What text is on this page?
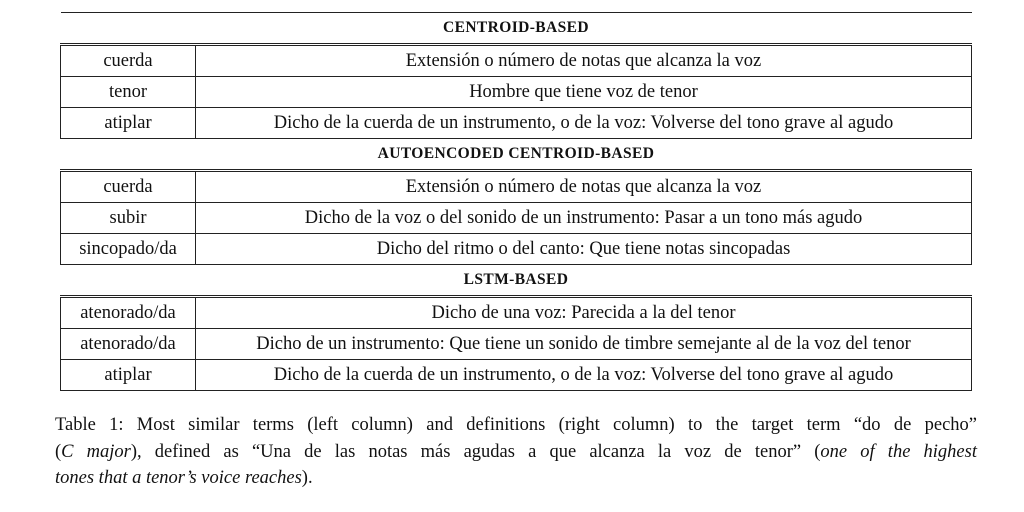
CENTROID-BASED	
cuerda	Extensión o número de notas que alcanza la voz
tenor	Hombre que tiene voz de tenor
atiplar	Dicho de la cuerda de un instrumento, o de la voz: Volverse del tono grave al agudo
AUTOENCODED CENTROID-BASED	
cuerda	Extensión o número de notas que alcanza la voz
subir	Dicho de la voz o del sonido de un instrumento: Pasar a un tono más agudo
sincopado/da	Dicho del ritmo o del canto: Que tiene notas sincopadas
LSTM-BASED	
atenorado/da	Dicho de una voz: Parecida a la del tenor
atenorado/da	Dicho de un instrumento: Que tiene un sonido de timbre semejante al de la voz del tenor
atiplar	Dicho de la cuerda de un instrumento, o de la voz: Volverse del tono grave al agudo
Table 1: Most similar terms (left column) and definitions (right column) to the target term “do de pecho”
(C major), defined as “Una de las notas más agudas a que alcanza la voz de tenor” (one of the highest
tones that a tenor’s voice reaches).
